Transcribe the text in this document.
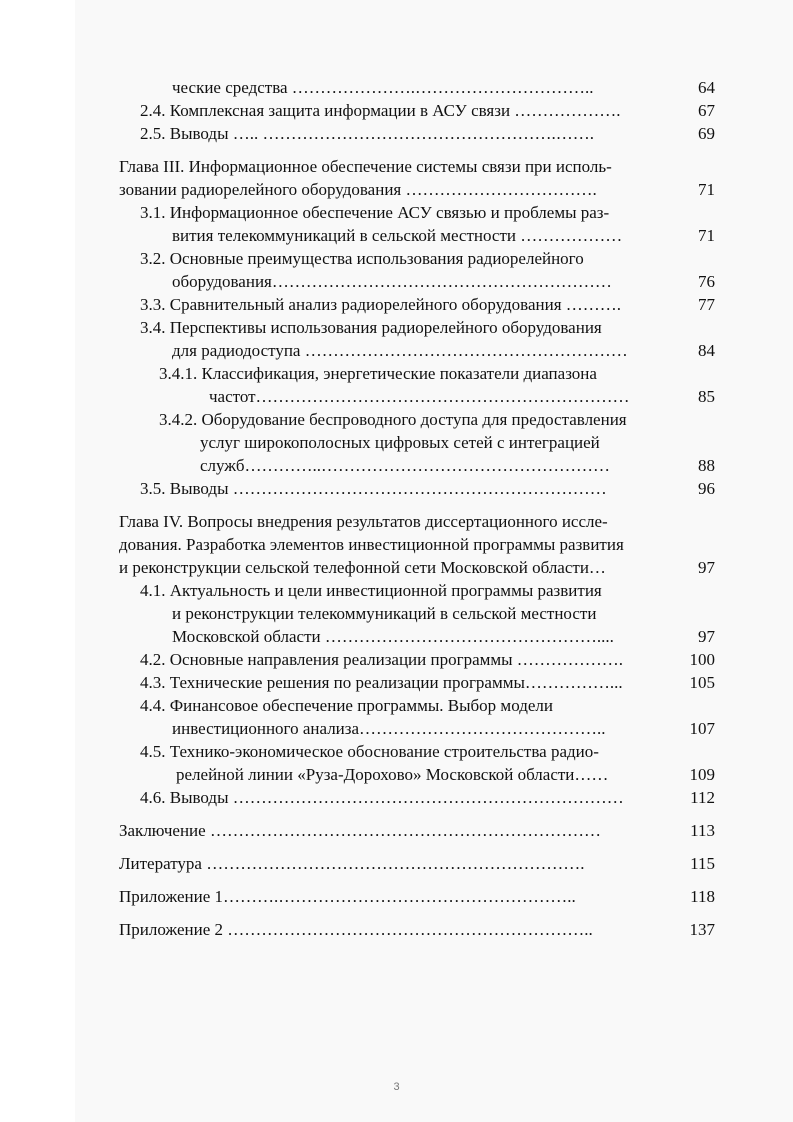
ческие средства ………………….…………………………..	64
2.4. Комплексная защита информации в АСУ связи ……………….	67
2.5. Выводы ….. …………………………………………….…….	69
Глава III. Информационное обеспечение системы связи при исполь-
зовании радиорелейного оборудования …………………………….	71
3.1. Информационное обеспечение АСУ связью и проблемы раз-
вития телекоммуникаций в сельской местности ………………	71
3.2. Основные преимущества использования радиорелейного
оборудования……………………………………………………	76
3.3. Сравнительный анализ радиорелейного оборудования ……….	77
3.4. Перспективы использования радиорелейного оборудования
для радиодоступа …………………………………………………	84
3.4.1. Классификация, энергетические показатели диапазона
частот…………………………………………………………	85
3.4.2. Оборудование беспроводного доступа для предоставления
услуг широкополосных цифровых сетей с интеграцией
служб…………..……………………………………………	88
3.5. Выводы …………………………………………………………	96
Глава IV. Вопросы внедрения результатов диссертационного иссле-
дования. Разработка элементов инвестиционной программы развития
и реконструкции сельской телефонной сети Московской области…	97
4.1. Актуальность и цели инвестиционной программы развития
и реконструкции телекоммуникаций в сельской местности
Московской области …………………………………………....	97
4.2. Основные направления реализации программы ……………….	100
4.3. Технические решения по реализации программы……………...	105
4.4. Финансовое обеспечение программы. Выбор модели
инвестиционного анализа……………………………………..	107
4.5. Технико-экономическое обоснование строительства радио-
релейной линии «Руза-Дорохово» Московской области……	109
4.6. Выводы ……………………………………………………………	112
Заключение ……………………………………………………………	113
Литература ………………………………………………………….	115
Приложение 1……….……………………………………………..	118
Приложение 2 ………………………………………………………..	137
3
